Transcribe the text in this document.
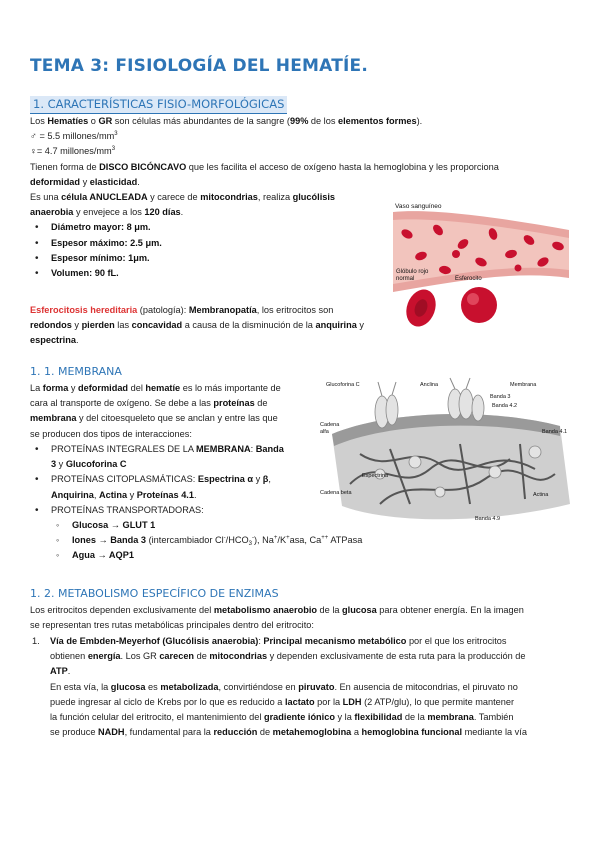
TEMA 3: FISIOLOGÍA DEL HEMATÍE.
1. CARACTERÍSTICAS FISIO-MORFOLÓGICAS
Los Hematíes o GR son células más abundantes de la sangre (99% de los elementos formes).
♂ = 5.5 millones/$mm^3$
♀= 4.7 millones/$mm^3$
Tienen forma de DISCO BICÓNCAVO que les facilita el acceso de oxígeno hasta la hemoglobina y les proporciona
deformidad y elasticidad.
Es una célula ANUCLEADA y carece de mitocondrias, realiza glucólisis
anaerobia y envejece a los 120 días.
• Diámetro mayor: 8 μm.
• Espesor máximo: 2.5 μm.
• Espesor mínimo: 1μm.
• Volumen: 90 fL.
Esferocitosis hereditaria (patología): Membranopatía, los eritrocitos son
redondos y pierden las concavidad a causa de la disminución de la anquirina y
espectrina.
Vaso sanguíneo
Glóbulo rojo
normal	Esferocito
1. 1. MEMBRANA
La forma y deformidad del hematíe es lo más importante de
cara al transporte de oxígeno. Se debe a las proteínas de
membrana y del citoesqueleto que se anclan y entre las que
se producen dos tipos de interacciones:
• PROTEÍNAS INTEGRALES DE LA MEMBRANA: Banda
3 y Glucoforina C
• PROTEÍNAS CITOPLASMÁTICAS: Espectrina α y β,
Anquirina, Actina y Proteínas 4.1.
• PROTEÍNAS TRANSPORTADORAS:
◦ Glucosa → GLUT 1
◦ Iones → Banda 3 (intercambiador $Cl^-/HCO_3^-$), Na+/K+asa, Ca++ ATPasa
◦ Agua → AQP1
Glucoforina C	Anclina	Membrana
Banda 3
Banda 4.2
Banda 4.1
Cadena
alfa
Espectrina
Cadena beta	Actina
Banda 4.9
1. 2. METABOLISMO ESPECÍFICO DE ENZIMAS
Los eritrocitos dependen exclusivamente del metabolismo anaerobio de la glucosa para obtener energía. En la imagen
se representan tres rutas metabólicas principales dentro del eritrocito:
1. Vía de Embden-Meyerhof (Glucólisis anaerobia): Principal mecanismo metabólico por el que los eritrocitos
obtienen energía. Los GR carecen de mitocondrias y dependen exclusivamente de esta ruta para la producción de
ATP.
En esta vía, la glucosa es metabolizada, convirtiéndose en piruvato. En ausencia de mitocondrias, el piruvato no
puede ingresar al ciclo de Krebs por lo que es reducido a lactato por la LDH (2 ATP/glu), lo que permite mantener
la función celular del eritrocito, el mantenimiento del gradiente iónico y la flexibilidad de la membrana. También
se produce NADH, fundamental para la reducción de metahemoglobina a hemoglobina funcional mediante la vía
